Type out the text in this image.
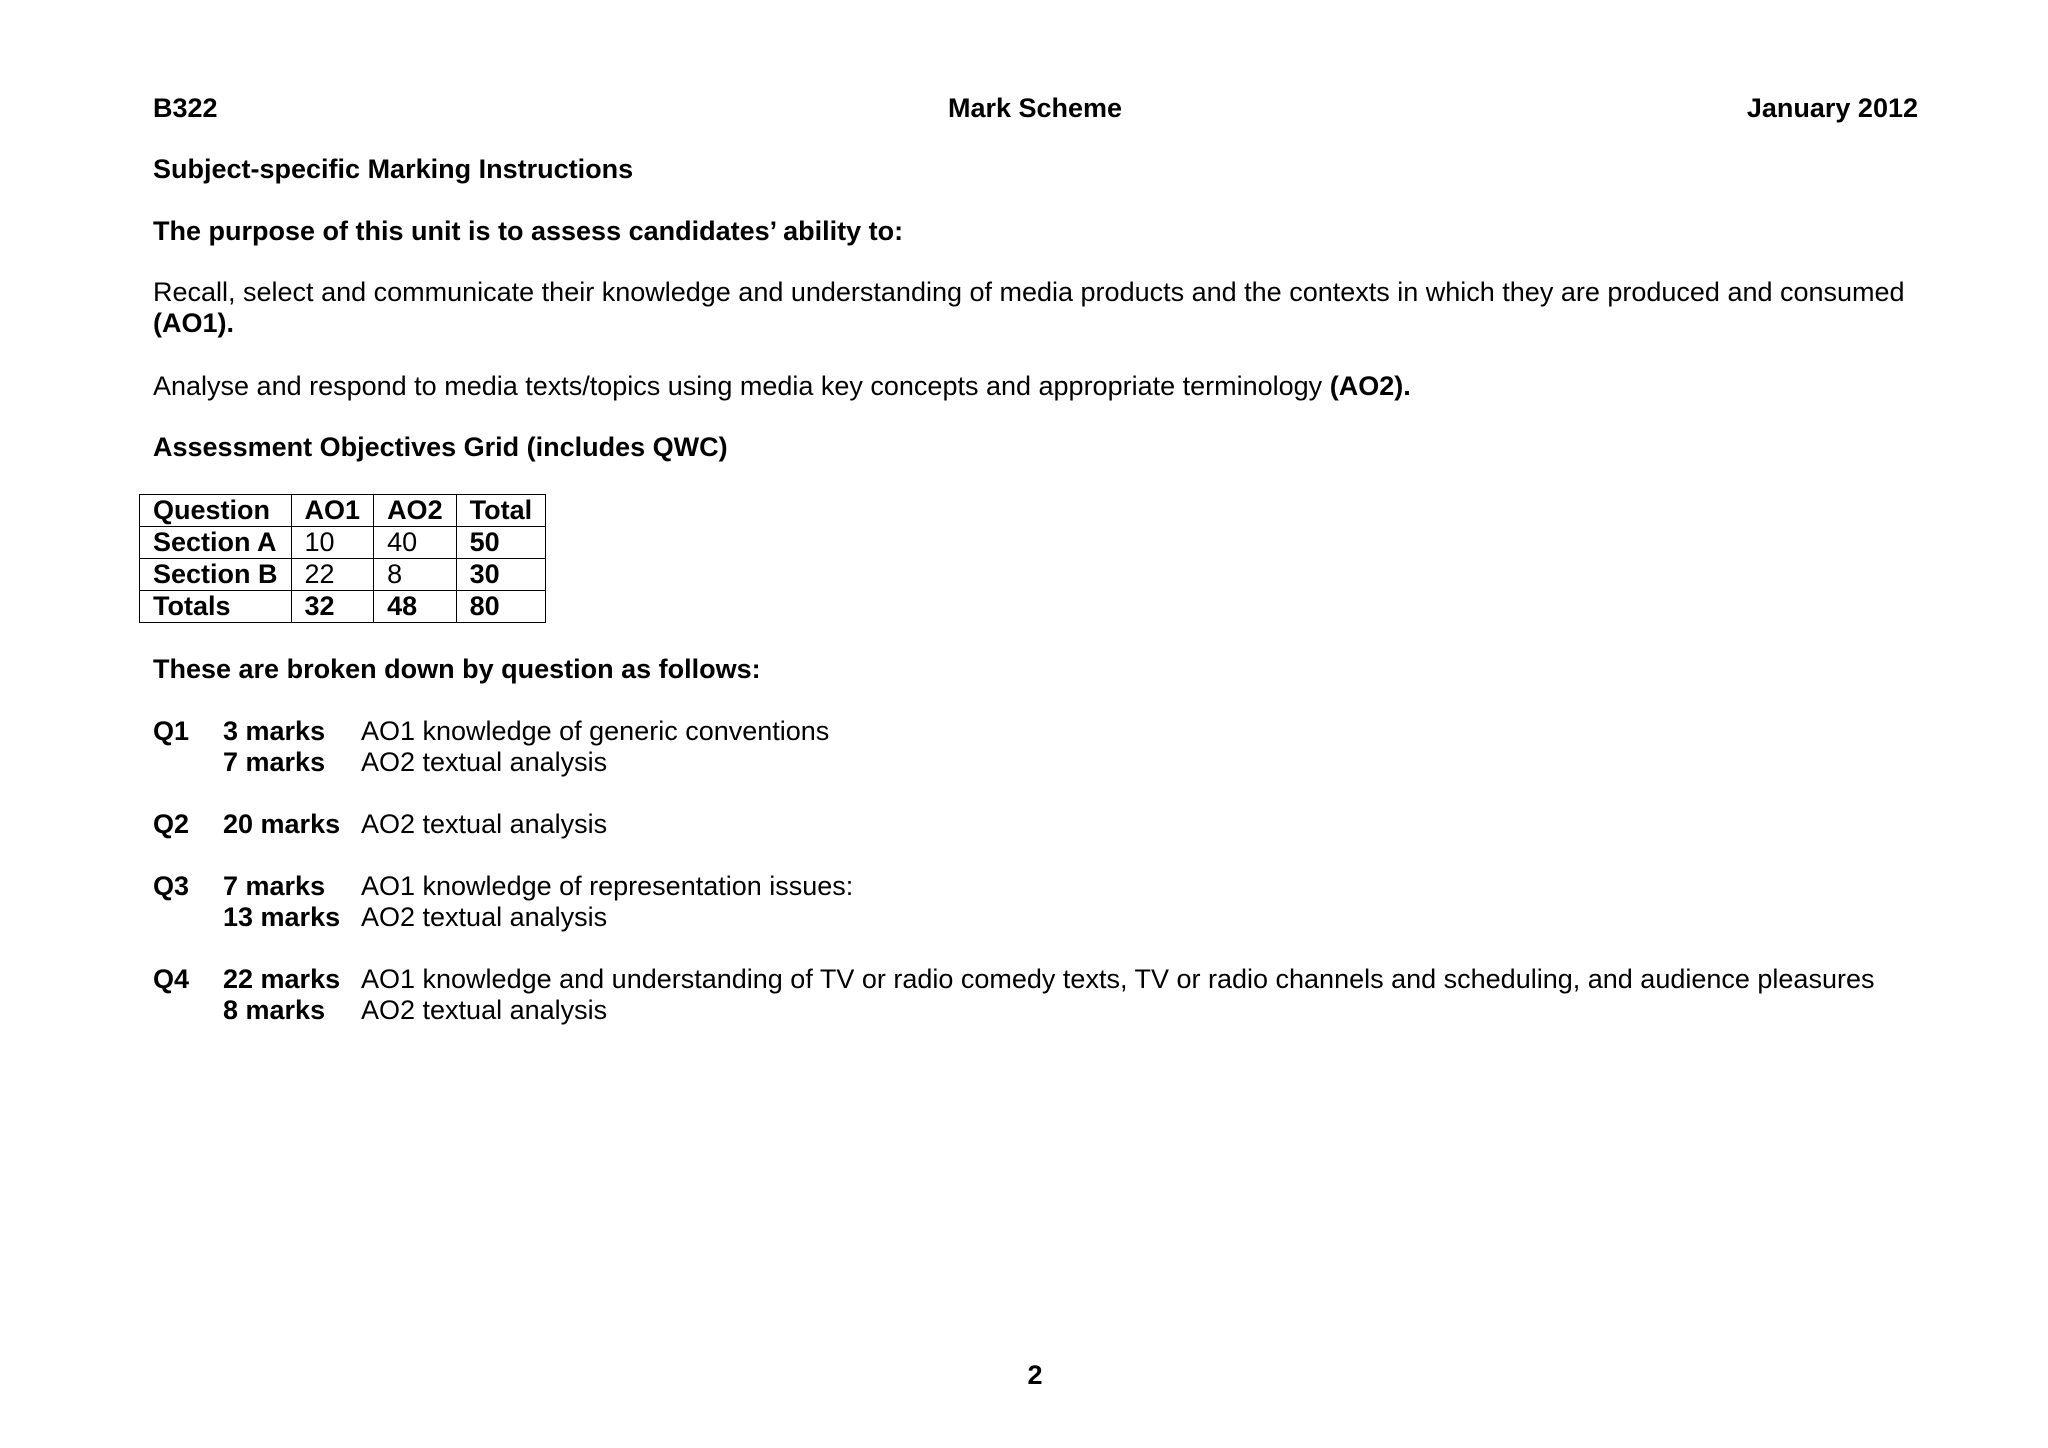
B322	Mark Scheme	January 2012
Subject-specific Marking Instructions
The purpose of this unit is to assess candidates’ ability to:
Recall, select and communicate their knowledge and understanding of media products and the contexts in which they are produced and consumed
(AO1).
Analyse and respond to media texts/topics using media key concepts and appropriate terminology (AO2).
Assessment Objectives Grid (includes QWC)
Question	AO1	AO2	Total
Section A	10	40	50
Section B	22	8	30
Totals	32	48	80
These are broken down by question as follows:
Q1 3 marks AO1 knowledge of generic conventions
7 marks AO2 textual analysis
Q2 20 marks AO2 textual analysis
Q3 7 marks AO1 knowledge of representation issues:
13 marks AO2 textual analysis
Q4 22 marks AO1 knowledge and understanding of TV or radio comedy texts, TV or radio channels and scheduling, and audience pleasures
8 marks AO2 textual analysis
2
